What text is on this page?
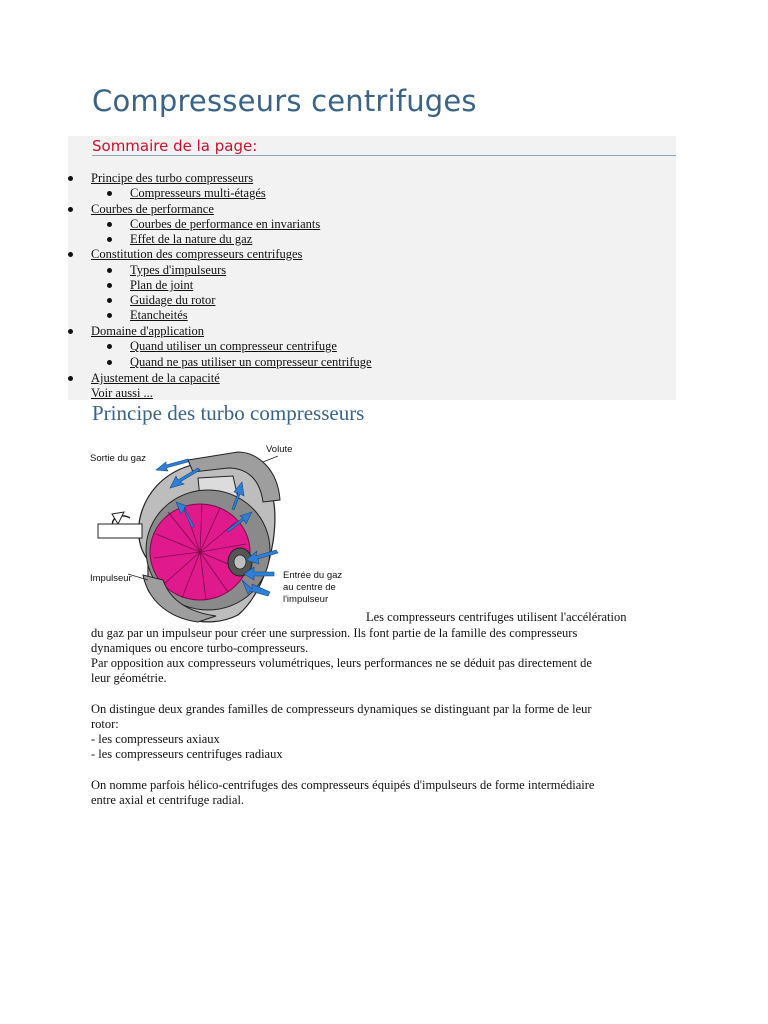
Compresseurs centrifuges
Sommaire de la page:
Principe des turbo compresseurs
Compresseurs multi-étagés
Courbes de performance
Courbes de performance en invariants
Effet de la nature du gaz
Constitution des compresseurs centrifuges
Types d'impulseurs
Plan de joint
Guidage du rotor
Etancheités
Domaine d'application
Quand utiliser un compresseur centrifuge
Quand ne pas utiliser un compresseur centrifuge
Ajustement de la capacité
Voir aussi ...
Principe des turbo compresseurs
Sortie du gaz
Volute
Impulseur	Entrée du gaz
au centre de
l'impulseur
Les compresseurs centrifuges utilisent l'accélération
du gaz par un impulseur pour créer une surpression. Ils font partie de la famille des compresseurs
dynamiques ou encore turbo-compresseurs.
Par opposition aux compresseurs volumétriques, leurs performances ne se déduit pas directement de
leur géométrie.
On distingue deux grandes familles de compresseurs dynamiques se distinguant par la forme de leur
rotor:
- les compresseurs axiaux
- les compresseurs centrifuges radiaux
On nomme parfois hélico-centrifuges des compresseurs équipés d'impulseurs de forme intermédiaire
entre axial et centrifuge radial.
